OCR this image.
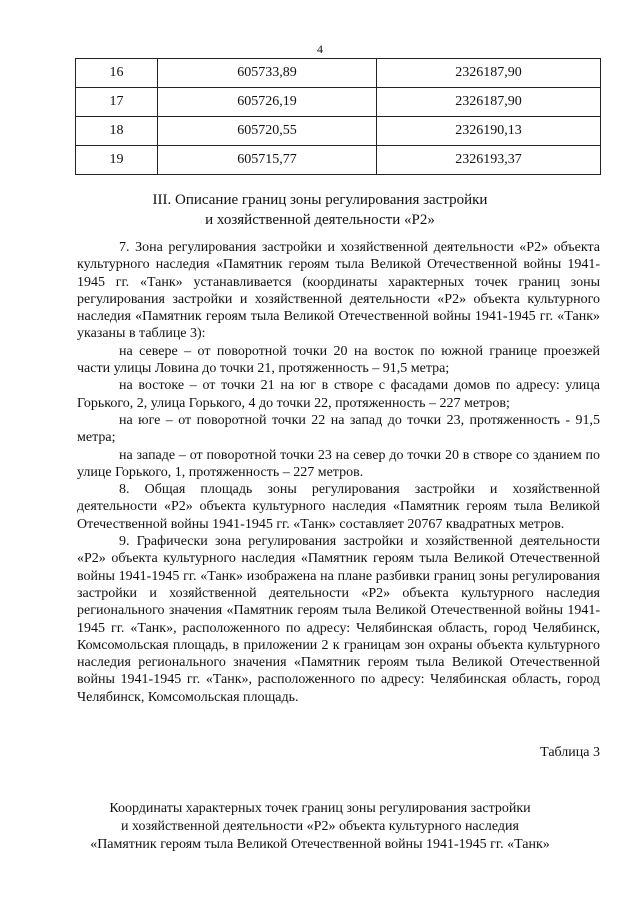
4
16	605733,89	2326187,90
17	605726,19	2326187,90
18	605720,55	2326190,13
19	605715,77	2326193,37
III. Описание границ зоны регулирования застройки
и хозяйственной деятельности «Р2»

7. Зона регулирования застройки и хозяйственной деятельности «Р2» объекта культурного наследия «Памятник героям тыла Великой Отечественной войны 1941-1945 гг. «Танк» устанавливается (координаты характерных точек границ зоны регулирования застройки и хозяйственной деятельности «Р2» объекта культурного наследия «Памятник героям тыла Великой Отечественной войны 1941-1945 гг. «Танк» указаны в таблице 3):

на севере – от поворотной точки 20 на восток по южной границе проезжей части улицы Ловина до точки 21, протяженность – 91,5 метра;

на востоке – от точки 21 на юг в створе с фасадами домов по адресу: улица Горького, 2, улица Горького, 4 до точки 22, протяженность – 227 метров;

на юге – от поворотной точки 22 на запад до точки 23, протяженность - 91,5 метра;

на западе – от поворотной точки 23 на север до точки 20 в створе со зданием по улице Горького, 1, протяженность – 227 метров.

8. Общая площадь зоны регулирования застройки и хозяйственной деятельности «Р2» объекта культурного наследия «Памятник героям тыла Великой Отечественной войны 1941-1945 гг. «Танк» составляет 20767 квадратных метров.

9. Графически зона регулирования застройки и хозяйственной деятельности «Р2» объекта культурного наследия «Памятник героям тыла Великой Отечественной войны 1941-1945 гг. «Танк» изображена на плане разбивки границ зоны регулирования застройки и хозяйственной деятельности «Р2» объекта культурного наследия регионального значения «Памятник героям тыла Великой Отечественной войны 1941-1945 гг. «Танк», расположенного по адресу: Челябинская область, город Челябинск, Комсомольская площадь, в приложении 2 к границам зон охраны объекта культурного наследия регионального значения «Памятник героям тыла Великой Отечественной войны 1941-1945 гг. «Танк», расположенного по адресу: Челябинская область, город Челябинск, Комсомольская площадь.

Таблица 3
Координаты характерных точек границ зоны регулирования застройки
и хозяйственной деятельности «Р2» объекта культурного наследия
«Памятник героям тыла Великой Отечественной войны 1941-1945 гг. «Танк»
